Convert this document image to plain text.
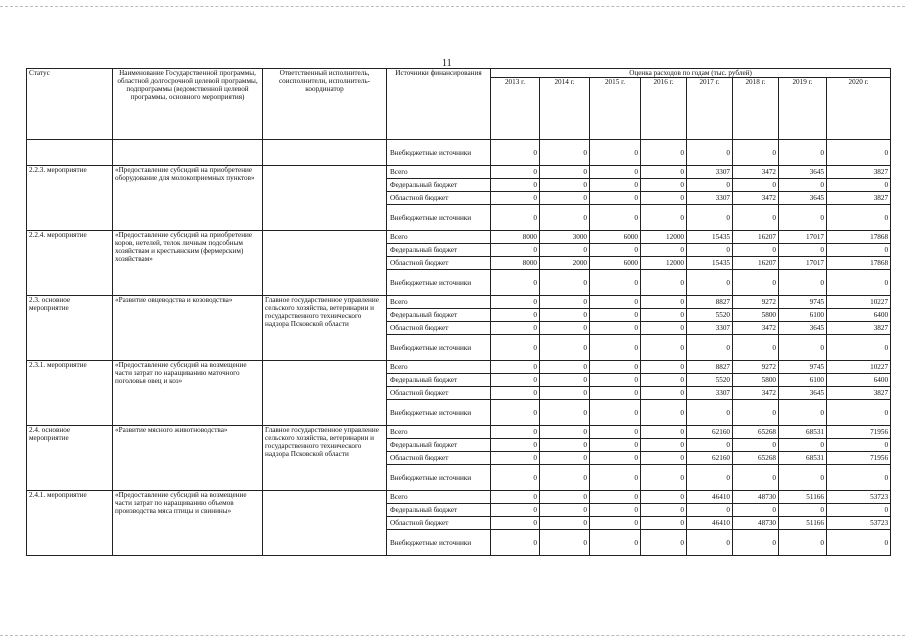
11
Статус	Наименование Государственной программы, областной долгосрочной целевой программы, подпрограммы (ведомственной целевой программы, основного мероприятия)	Ответственный исполнитель, соисполнители, исполнитель-координатор	Источники финансирования	Оценка расходов по годам (тыс. рублей)							
				2013 г.	2014 г.	2015 г.	2016 г.	2017 г.	2018 г.	2019 г.	2020 г.
			Внебюджетные источники	0	0	0	0	0	0	0	0
2.2.3. мероприятие	«Предоставление субсидий на приобретение оборудование для молокоприемных пунктов»		Всего	0	0	0	0	3307	3472	3645	3827
			Федеральный бюджет	0	0	0	0	0	0	0	0
			Областной бюджет	0	0	0	0	3307	3472	3645	3827
			Внебюджетные источники	0	0	0	0	0	0	0	0
2.2.4. мероприятие	«Предоставление субсидий на приобретение коров, нетелей, телок личным подсобным хозяйствам и крестьянским (фермерским) хозяйствам»		Всего	8000	3000	6000	12000	15435	16207	17017	17868
			Федеральный бюджет	0	0	0	0	0	0	0	0
			Областной бюджет	8000	2000	6000	12000	15435	16207	17017	17868
			Внебюджетные источники	0	0	0	0	0	0	0	0
2.3. основное мероприятие	«Развитие овцеводства и козоводства»	Главное государственное управление сельского хозяйства, ветеринарии и государственного технического надзора Псковской области	Всего	0	0	0	0	8827	9272	9745	10227
			Федеральный бюджет	0	0	0	0	5520	5800	6100	6400
			Областной бюджет	0	0	0	0	3307	3472	3645	3827
			Внебюджетные источники	0	0	0	0	0	0	0	0
2.3.1. мероприятие	«Предоставление субсидий на возмещение части затрат по наращиванию маточного поголовья овец и коз»		Всего	0	0	0	0	8827	9272	9745	10227
			Федеральный бюджет	0	0	0	0	5520	5800	6100	6400
			Областной бюджет	0	0	0	0	3307	3472	3645	3827
			Внебюджетные источники	0	0	0	0	0	0	0	0
2.4. основное мероприятие	«Развитие мясного животноводства»	Главное государственное управление сельского хозяйства, ветеринарии и государственного технического надзора Псковской области	Всего	0	0	0	0	62160	65268	68531	71956
			Федеральный бюджет	0	0	0	0	0	0	0	0
			Областной бюджет	0	0	0	0	62160	65268	68531	71956
			Внебюджетные источники	0	0	0	0	0	0	0	0
2.4.1. мероприятие	«Предоставление субсидий на возмещение части затрат по наращиванию объемов производства мяса птицы и свинины»		Всего	0	0	0	0	46410	48730	51166	53723
			Федеральный бюджет	0	0	0	0	0	0	0	0
			Областной бюджет	0	0	0	0	46410	48730	51166	53723
			Внебюджетные источники	0	0	0	0	0	0	0	0
